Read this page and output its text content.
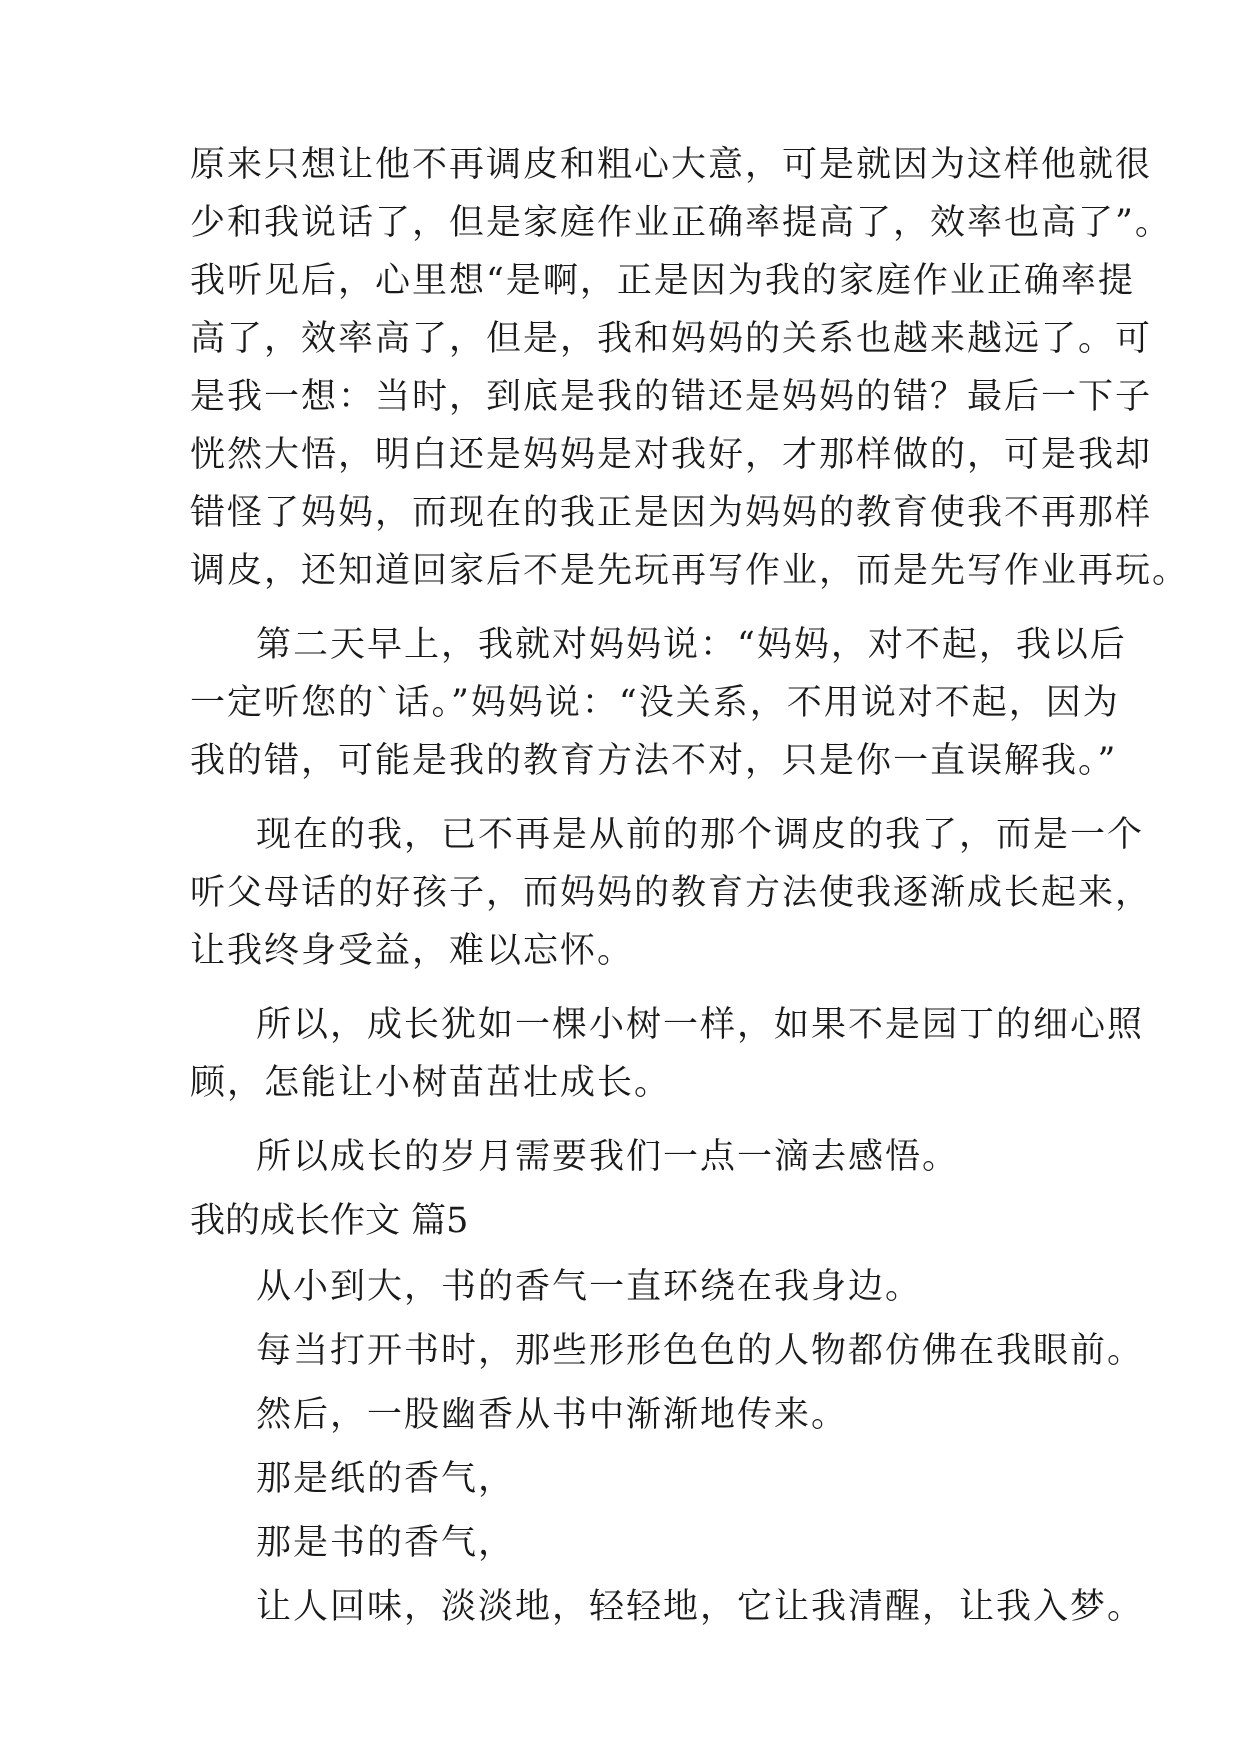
原来只想让他不再调皮和粗心大意，可是就因为这样他就很
少和我说话了，但是家庭作业正确率提高了，效率也高了”。
我听见后，心里想“是啊，正是因为我的家庭作业正确率提
高了，效率高了，但是，我和妈妈的关系也越来越远了。可
是我一想：当时，到底是我的错还是妈妈的错？最后一下子
恍然大悟，明白还是妈妈是对我好，才那样做的，可是我却
错怪了妈妈，而现在的我正是因为妈妈的教育使我不再那样
调皮，还知道回家后不是先玩再写作业，而是先写作业再玩。
第二天早上，我就对妈妈说：“妈妈，对不起，我以后
一定听您的`话。”妈妈说：“没关系，不用说对不起，因为
我的错，可能是我的教育方法不对，只是你一直误解我。”
现在的我，已不再是从前的那个调皮的我了，而是一个
听父母话的好孩子，而妈妈的教育方法使我逐渐成长起来，
让我终身受益，难以忘怀。
所以，成长犹如一棵小树一样，如果不是园丁的细心照
顾，怎能让小树苗茁壮成长。
所以成长的岁月需要我们一点一滴去感悟。
我的成长作文 篇5
从小到大，书的香气一直环绕在我身边。
每当打开书时，那些形形色色的人物都仿佛在我眼前。
然后，一股幽香从书中渐渐地传来。
那是纸的香气，
那是书的香气，
让人回味，淡淡地，轻轻地，它让我清醒，让我入梦。
